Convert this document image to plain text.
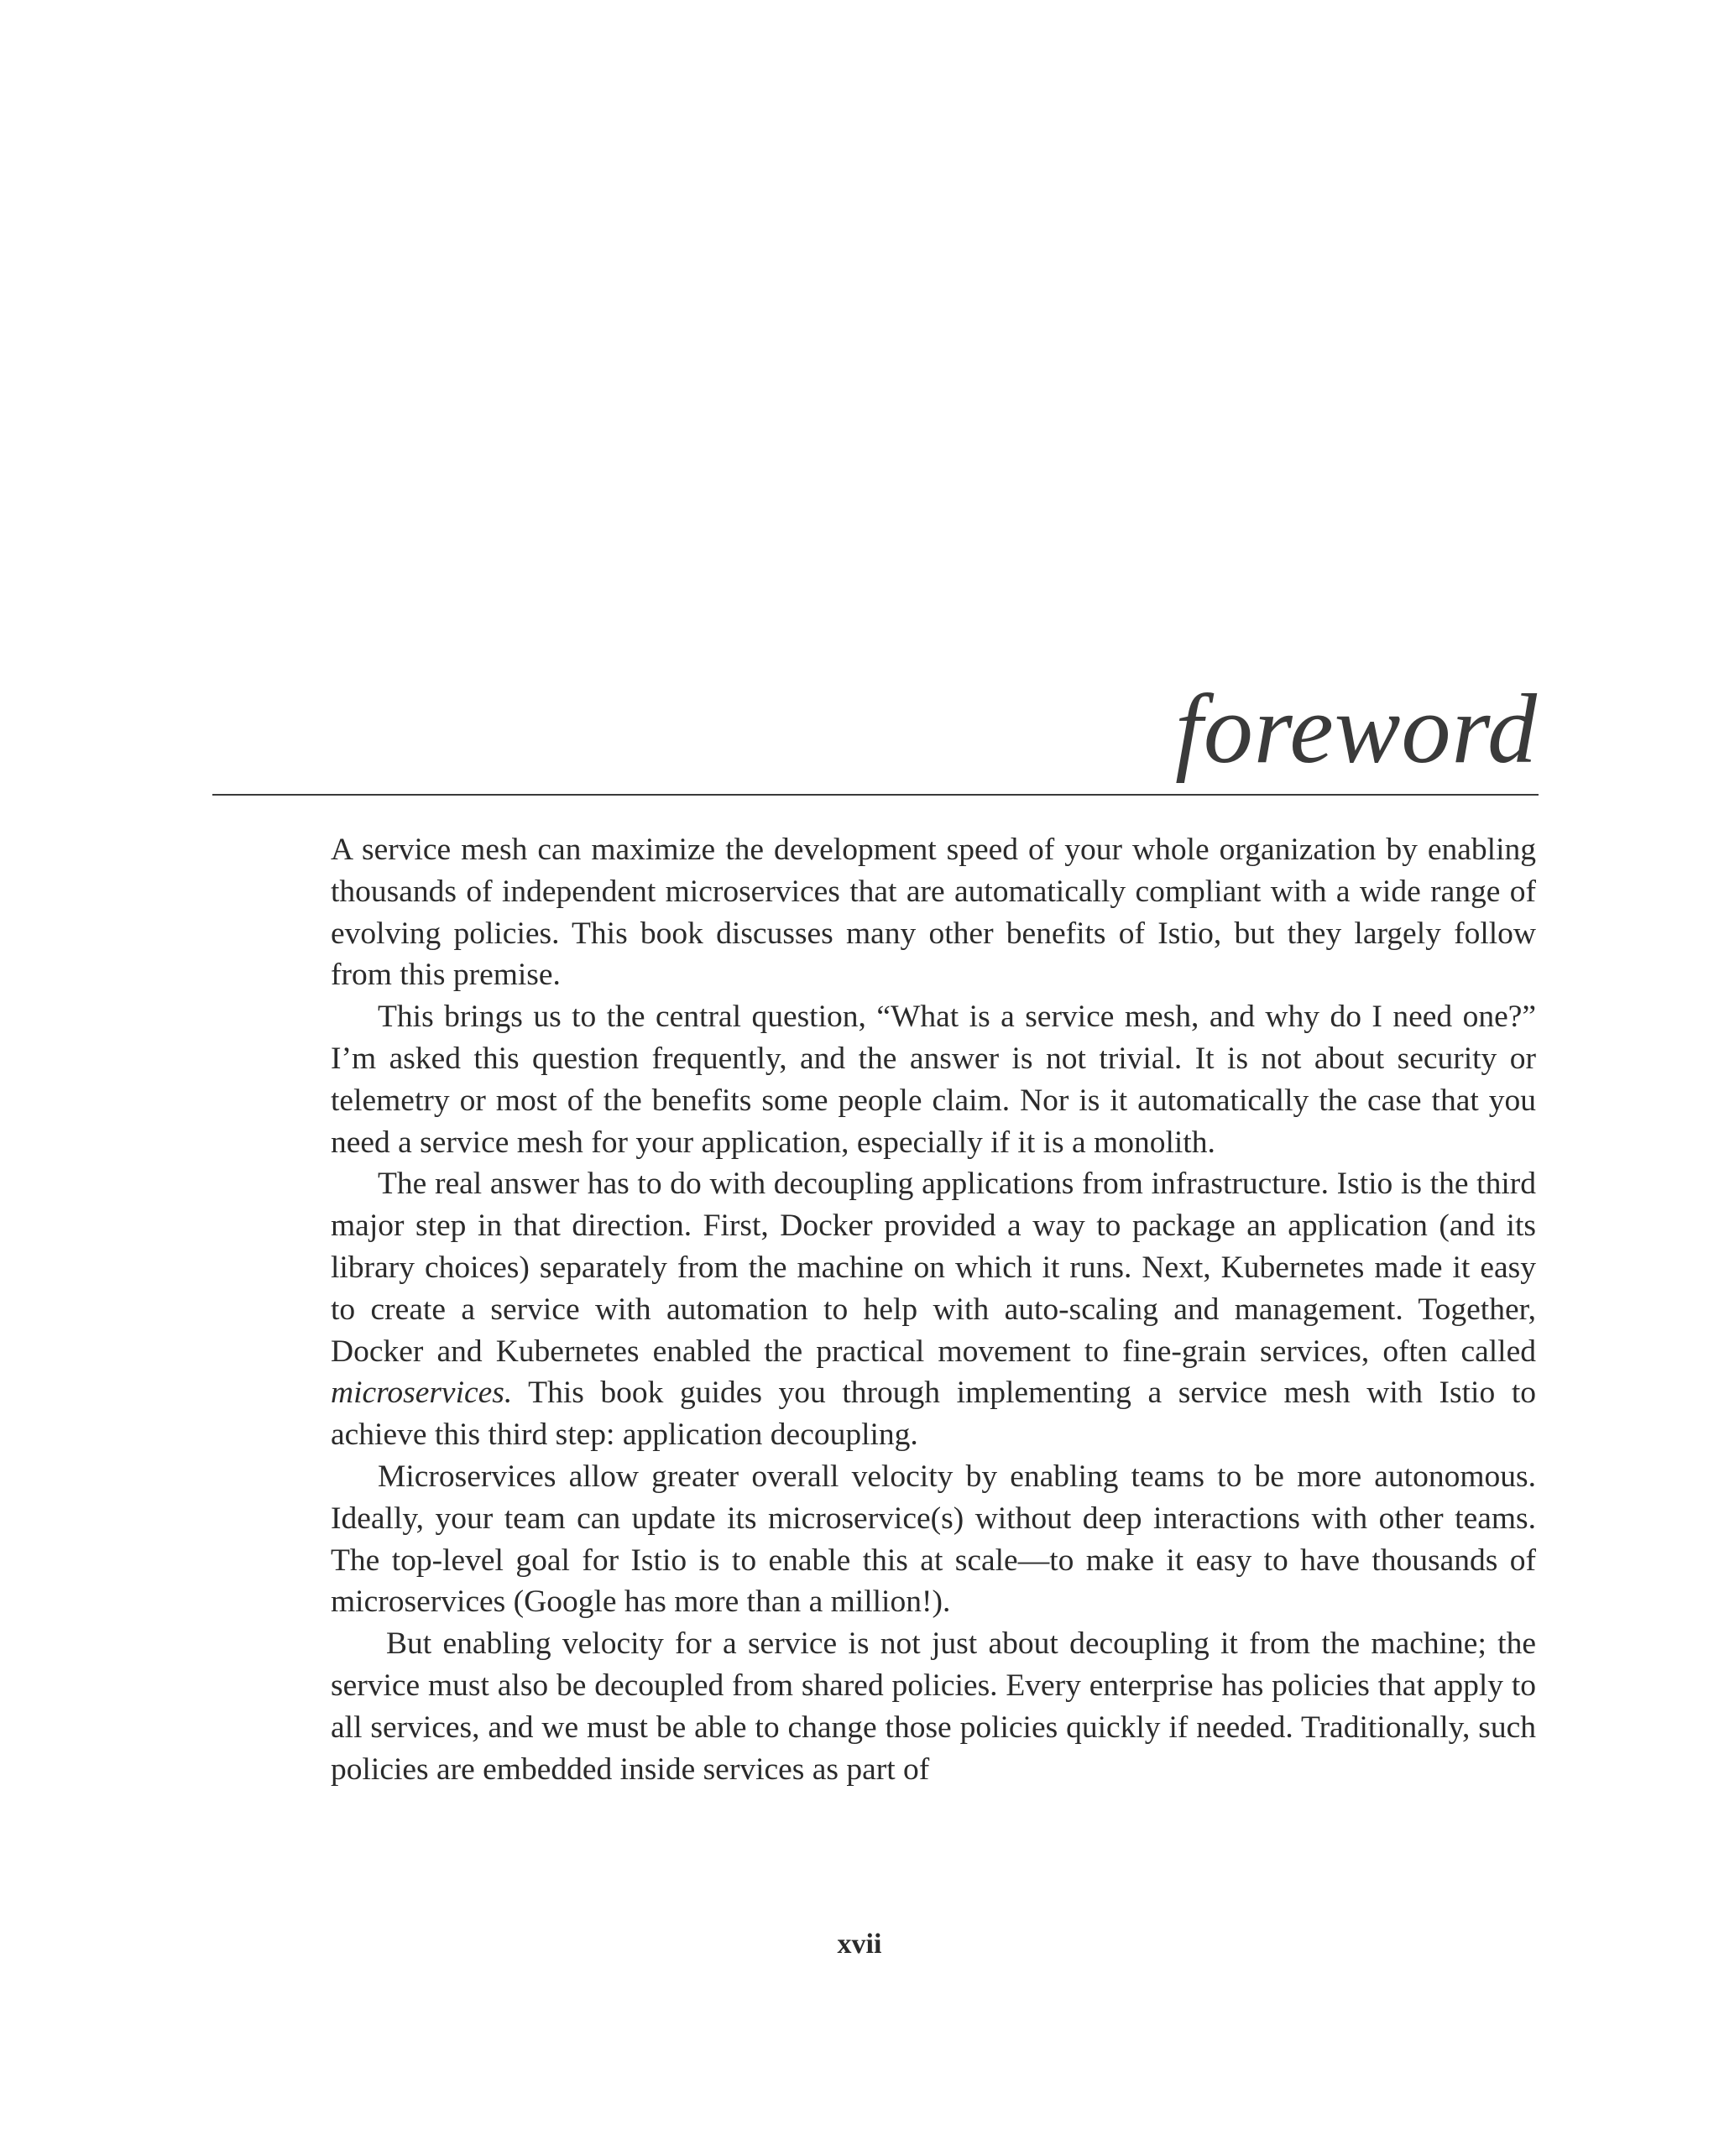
foreword

A service mesh can maximize the development speed of your whole organization by enabling thousands of independent microservices that are automatically compliant with a wide range of evolving policies. This book discusses many other benefits of Istio, but they largely follow from this premise.

This brings us to the central question, “What is a service mesh, and why do I need one?” I’m asked this question frequently, and the answer is not trivial. It is not about security or telemetry or most of the benefits some people claim. Nor is it automatically the case that you need a service mesh for your application, especially if it is a monolith.

The real answer has to do with decoupling applications from infrastructure. Istio is the third major step in that direction. First, Docker provided a way to package an application (and its library choices) separately from the machine on which it runs. Next, Kubernetes made it easy to create a service with automation to help with auto-scaling and management. Together, Docker and Kubernetes enabled the practical movement to fine-grain services, often called microservices. This book guides you through implementing a service mesh with Istio to achieve this third step: application decoupling.

Microservices allow greater overall velocity by enabling teams to be more autonomous. Ideally, your team can update its microservice(s) without deep interactions with other teams. The top-level goal for Istio is to enable this at scale—to make it easy to have thousands of microservices (Google has more than a million!).

But enabling velocity for a service is not just about decoupling it from the machine; the service must also be decoupled from shared policies. Every enterprise has policies that apply to all services, and we must be able to change those policies quickly if needed. Traditionally, such policies are embedded inside services as part of

xvii
